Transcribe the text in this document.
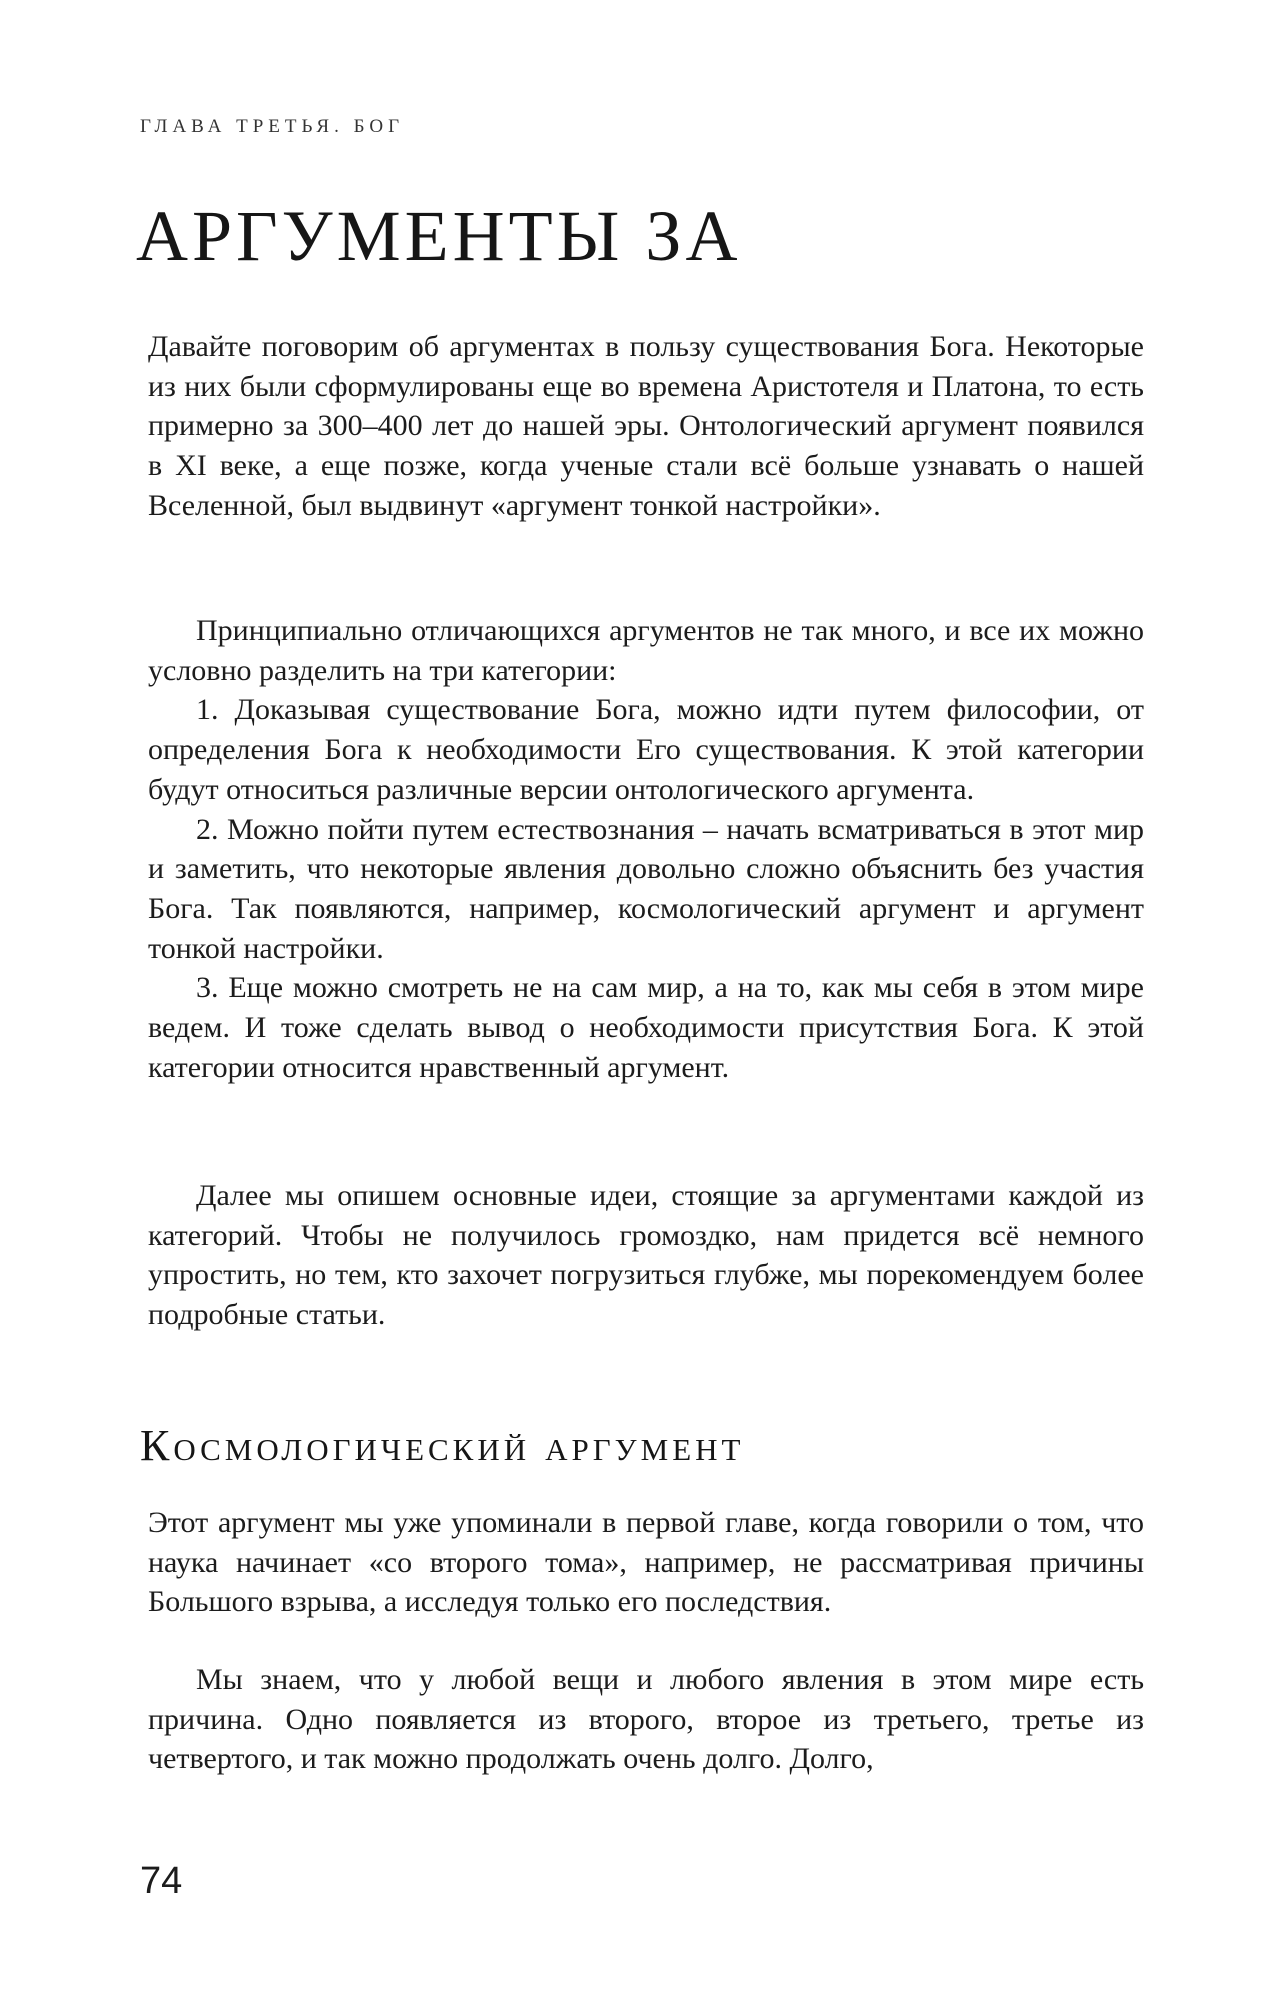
ГЛАВА ТРЕТЬЯ. БОГ
АРГУМЕНТЫ ЗА

Давайте поговорим об аргументах в пользу существования Бога. Некоторые из них были сформулированы еще во времена Аристотеля и Платона, то есть примерно за 300–400 лет до нашей эры. Онтологический аргумент появился в XI веке, а еще позже, когда ученые стали всё больше узнавать о нашей Вселенной, был выдвинут «аргумент тонкой настройки».

Принципиально отличающихся аргументов не так много, и все их можно условно разделить на три категории:

1. Доказывая существование Бога, можно идти путем философии, от определения Бога к необходимости Его существования. К этой категории будут относиться различные версии онтологического аргумента.

2. Можно пойти путем естествознания – начать всматриваться в этот мир и заметить, что некоторые явления довольно сложно объяснить без участия Бога. Так появляются, например, космологический аргумент и аргумент тонкой настройки.

3. Еще можно смотреть не на сам мир, а на то, как мы себя в этом мире ведем. И тоже сделать вывод о необходимости присутствия Бога. К этой категории относится нравственный аргумент.

Далее мы опишем основные идеи, стоящие за аргументами каждой из категорий. Чтобы не получилось громоздко, нам придется всё немного упростить, но тем, кто захочет погрузиться глубже, мы порекомендуем более подробные статьи.

Космологический аргумент

Этот аргумент мы уже упоминали в первой главе, когда говорили о том, что наука начинает «со второго тома», например, не рассматривая причины Большого взрыва, а исследуя только его последствия.

Мы знаем, что у любой вещи и любого явления в этом мире есть причина. Одно появляется из второго, второе из третьего, третье из четвертого, и так можно продолжать очень долго. Долго,

74
